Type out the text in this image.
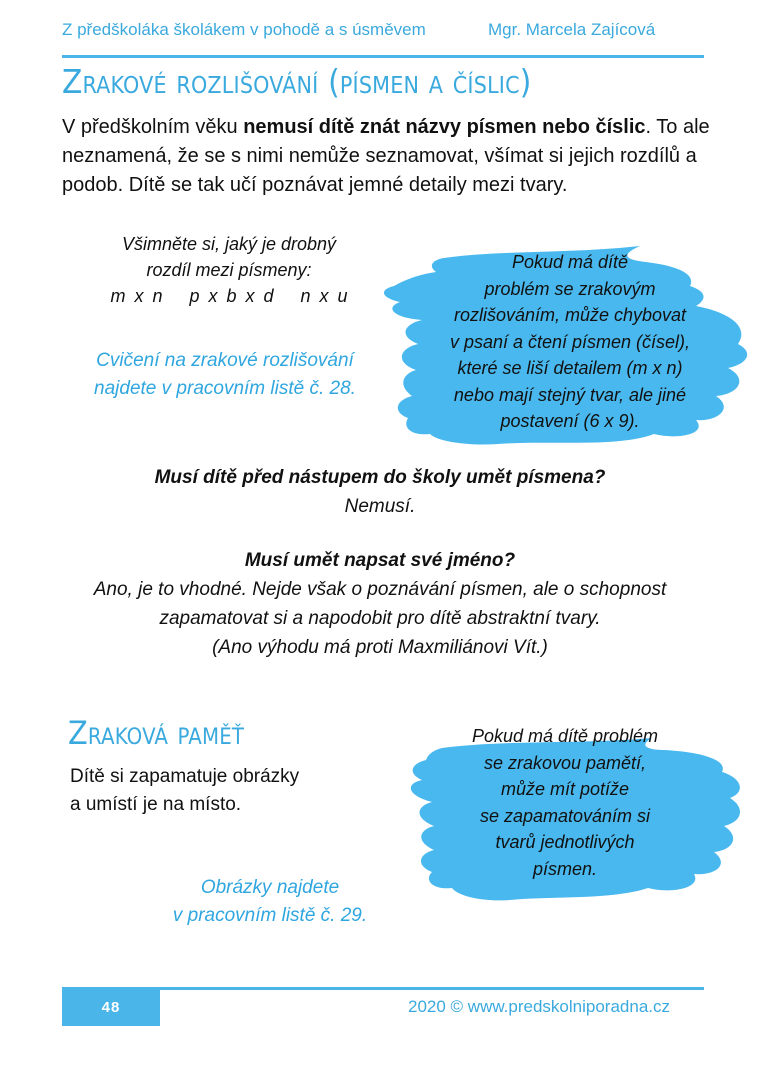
Z předškoláka školákem v pohodě a s úsměvem	Mgr. Marcela Zajícová
Zrakové rozlišování (písmen a číslic)
V předškolním věku nemusí dítě znát názvy písmen nebo číslic. To ale neznamená, že se s nimi nemůže seznamovat, všímat si jejich rozdílů a podob. Dítě se tak učí poznávat jemné detaily mezi tvary.
Všimněte si, jaký je drobný
rozdíl mezi písmeny:
m x n   p x b x d   n x u
Cvičení na zrakové rozlišování
najdete v pracovním listě č. 28.
Pokud má dítě
problém se zrakovým
rozlišováním, může chybovat
v psaní a čtení písmen (čísel),
které se liší detailem (m x n)
nebo mají stejný tvar, ale jiné
postavení (6 x 9).
Musí dítě před nástupem do školy umět písmena?
Nemusí.
Musí umět napsat své jméno?
Ano, je to vhodné. Nejde však o poznávání písmen, ale o schopnost
zapamatovat si a napodobit pro dítě abstraktní tvary.
(Ano výhodu má proti Maxmiliánovi Vít.)
Zraková paměť
Dítě si zapamatuje obrázky
a umístí je na místo.
Obrázky najdete
v pracovním listě č. 29.
Pokud má dítě problém
se zrakovou pamětí,
může mít potíže
se zapamatováním si
tvarů jednotlivých
písmen.
48	2020 © www.predskolniporadna.cz
